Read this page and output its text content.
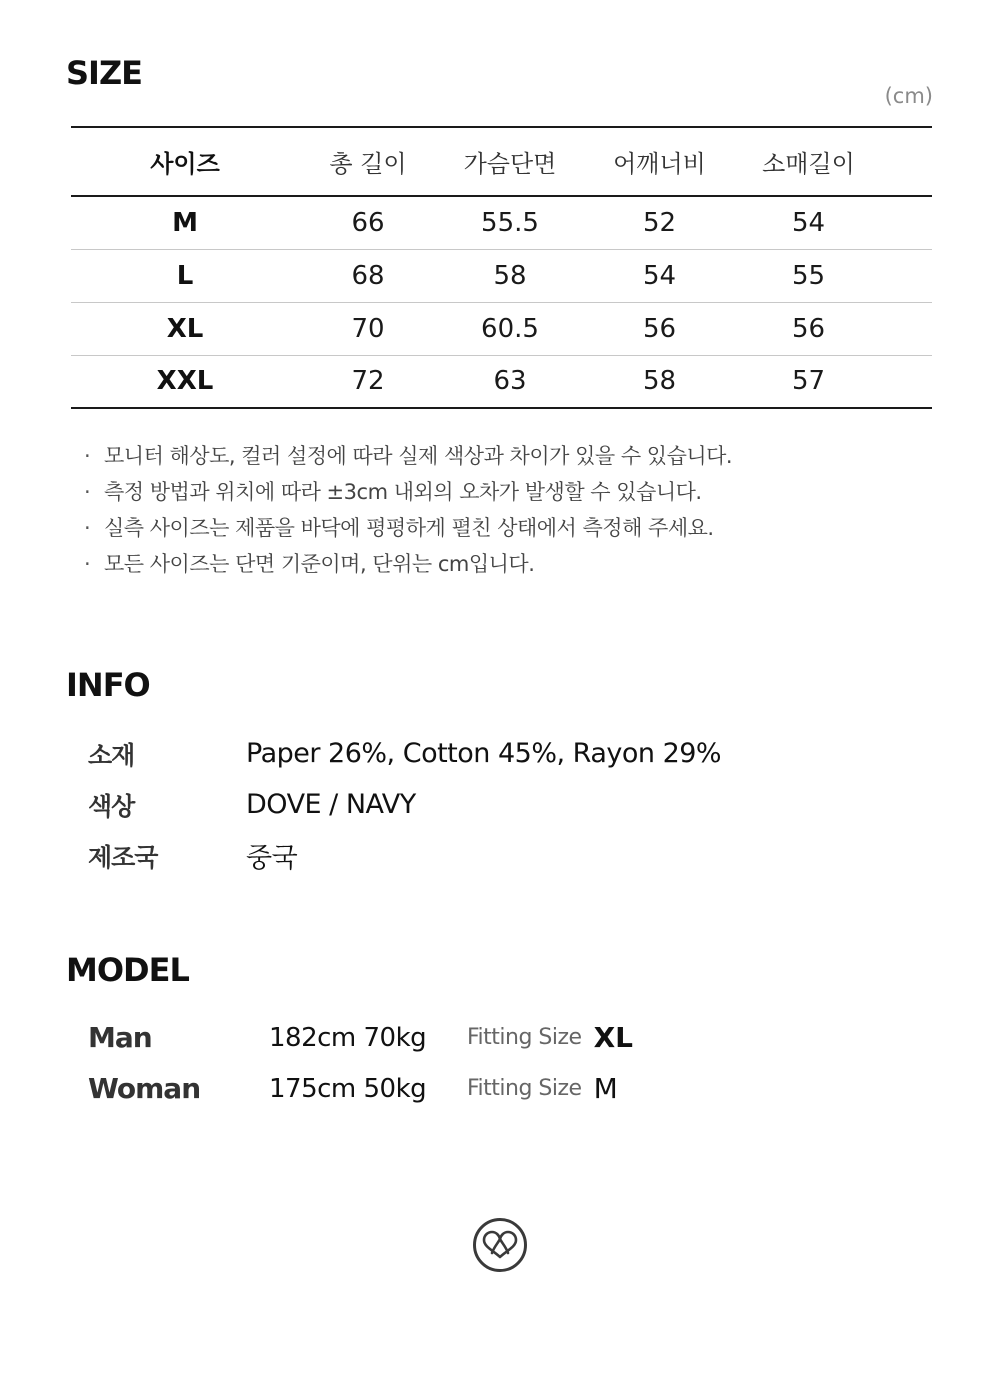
SIZE
(cm)
사이즈	총 길이	가슴단면	어깨너비	소매길이	
M	66	55.5	52	54	
L	68	58	54	55	
XL	70	60.5	56	56	
XXL	72	63	58	57	
· 모니터 해상도, 컬러 설정에 따라 실제 색상과 차이가 있을 수 있습니다.
· 측정 방법과 위치에 따라 ±3cm 내외의 오차가 발생할 수 있습니다.
· 실측 사이즈는 제품을 바닥에 평평하게 펼친 상태에서 측정해 주세요.
· 모든 사이즈는 단면 기준이며, 단위는 cm입니다.
INFO
소재	Paper 26%, Cotton 45%, Rayon 29%
색상	DOVE / NAVY
제조국	중국
MODEL
Man	182cm 70kg	Fitting Size XL
Woman	175cm 50kg	Fitting Size M
